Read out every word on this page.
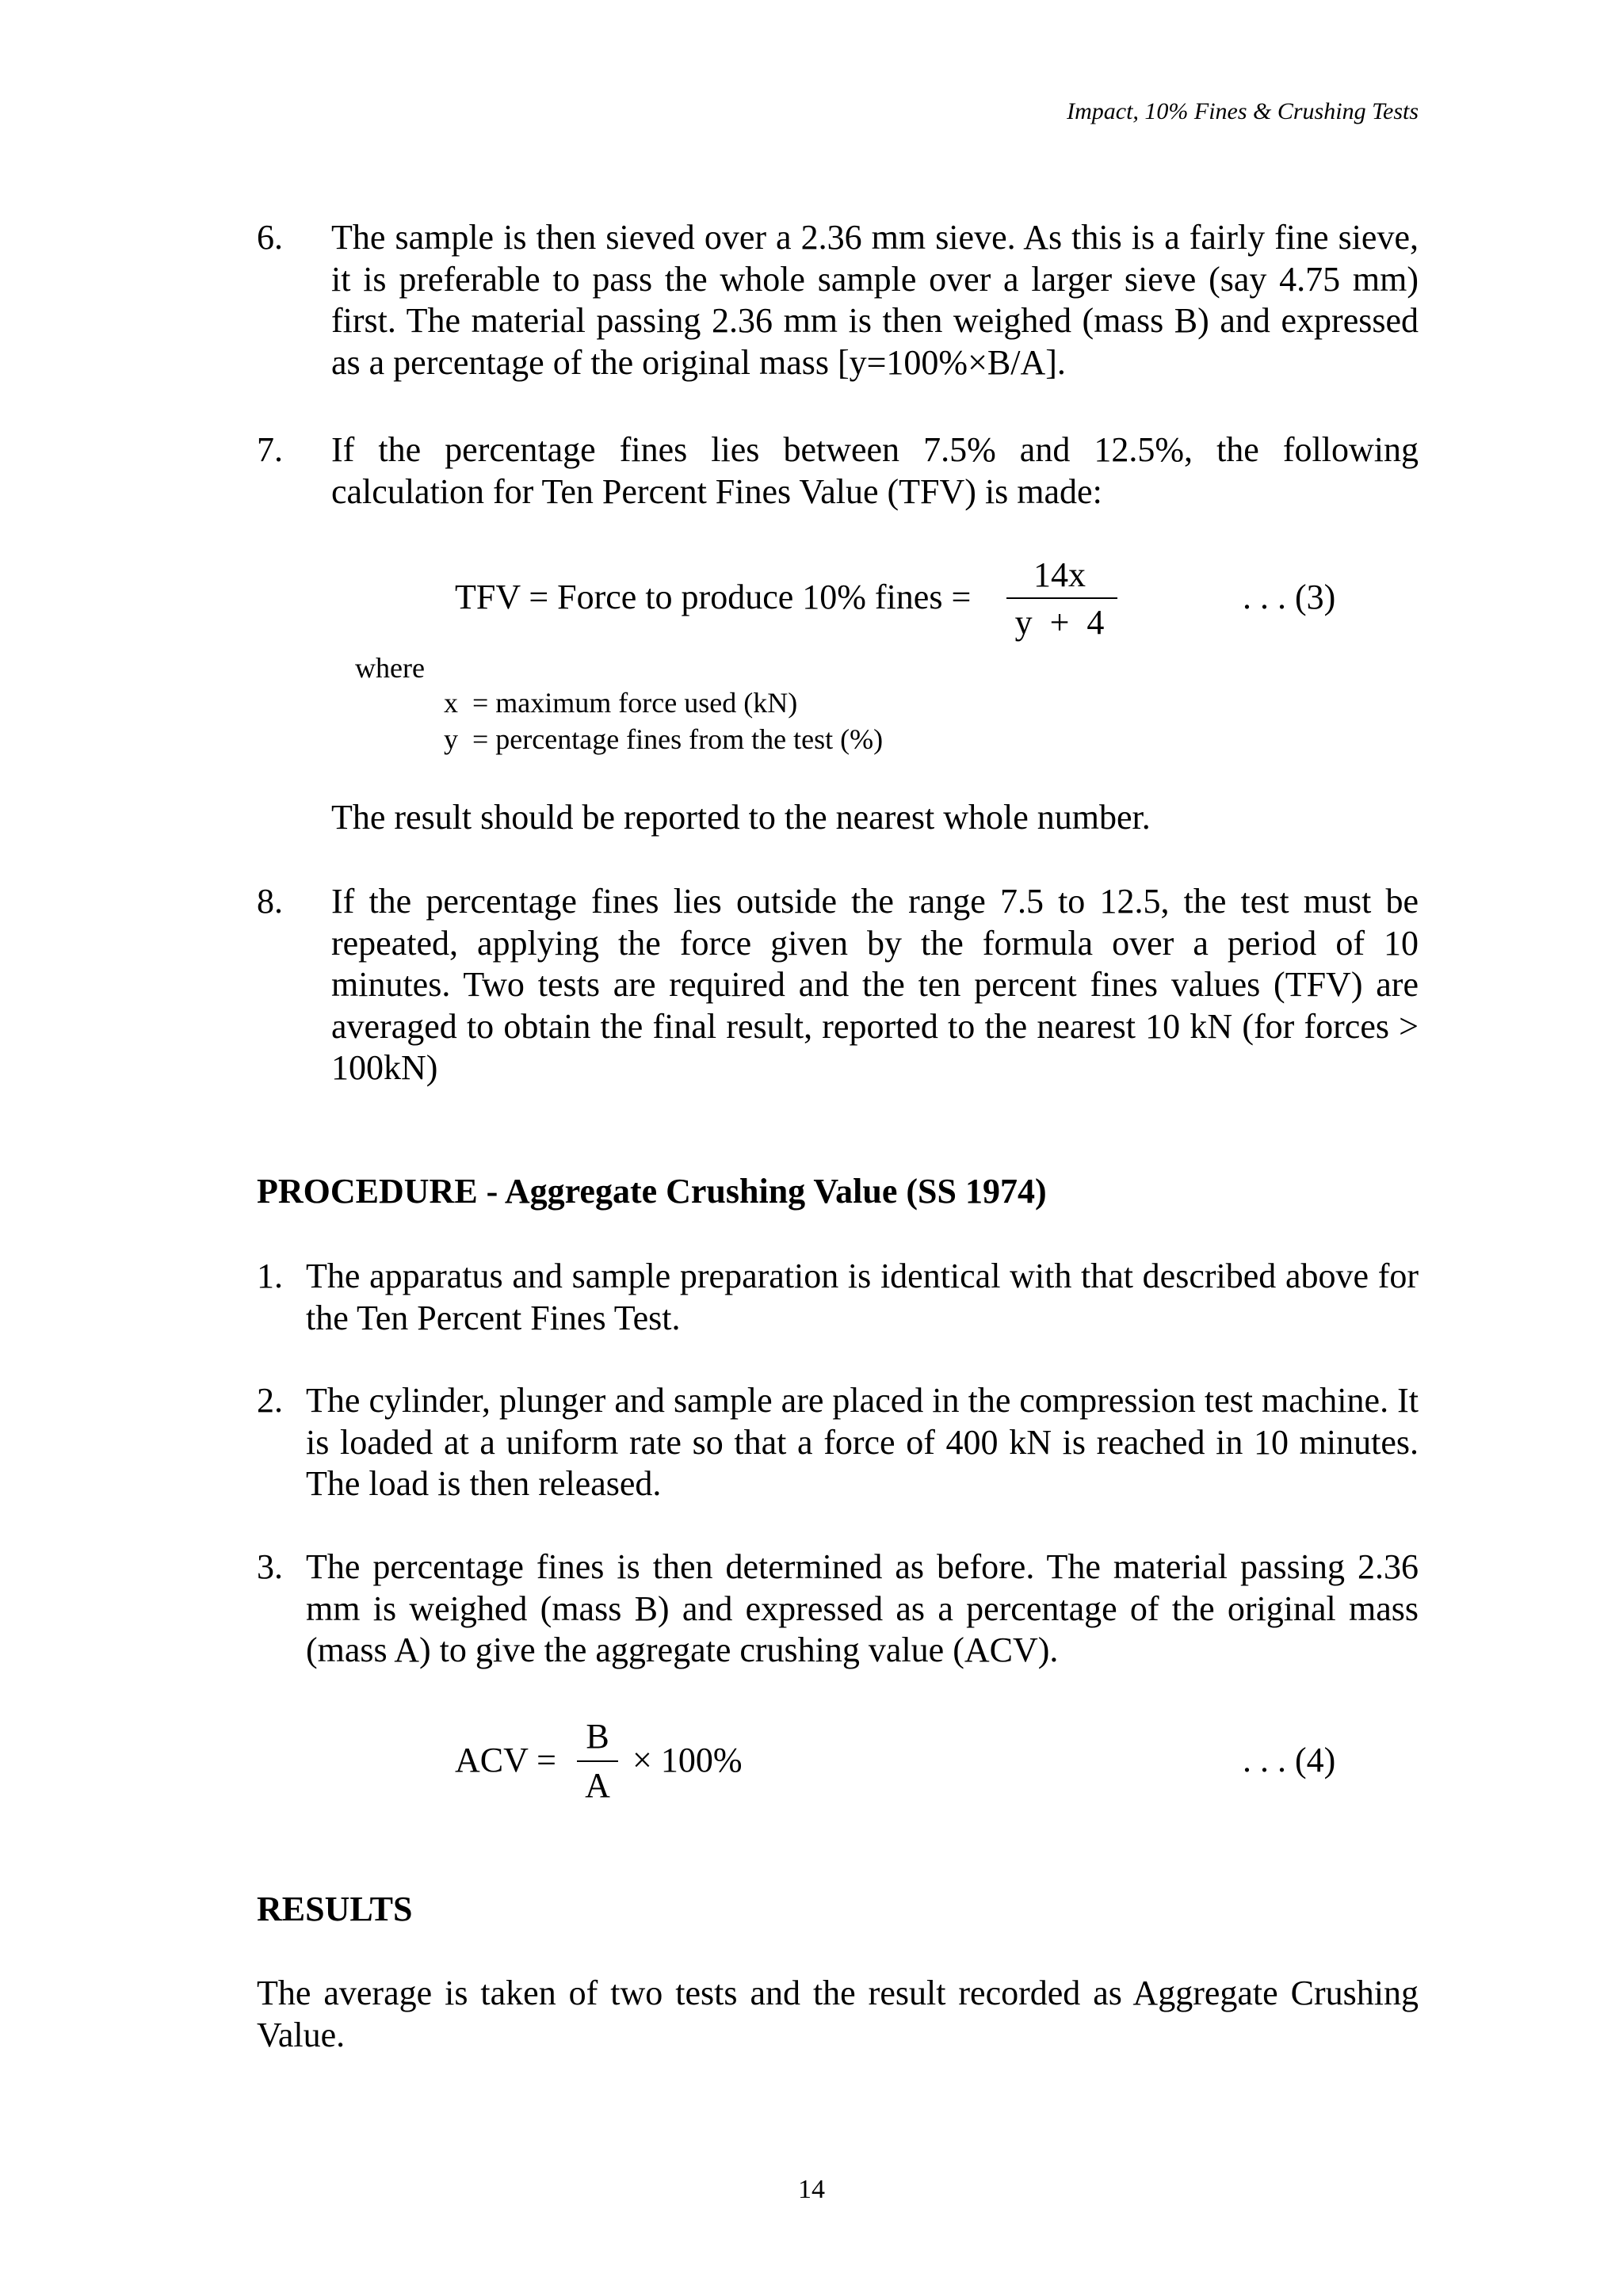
Impact, 10% Fines & Crushing Tests
6. The sample is then sieved over a 2.36 mm sieve. As this is a fairly fine sieve, it is preferable to pass the whole sample over a larger sieve (say 4.75 mm) first. The material passing 2.36 mm is then weighed (mass B) and expressed as a percentage of the original mass [y=100%×B/A].
7. If the percentage fines lies between 7.5% and 12.5%, the following calculation for Ten Percent Fines Value (TFV) is made:
TFV = Force to produce 10% fines =
14x
y  +  4
. . . (3)
where
x  = maximum force used (kN)
y  = percentage fines from the test (%)
The result should be reported to the nearest whole number.
8. If the percentage fines lies outside the range 7.5 to 12.5, the test must be repeated, applying the force given by the formula over a period of 10 minutes. Two tests are required and the ten percent fines values (TFV) are averaged to obtain the final result, reported to the nearest 10 kN (for forces > 100kN)
PROCEDURE - Aggregate Crushing Value (SS 1974)
1. The apparatus and sample preparation is identical with that described above for the Ten Percent Fines Test.
2. The cylinder, plunger and sample are placed in the compression test machine. It is loaded at a uniform rate so that a force of 400 kN is reached in 10 minutes. The load is then released.
3. The percentage fines is then determined as before. The material passing 2.36 mm is weighed (mass B) and expressed as a percentage of the original mass (mass A) to give the aggregate crushing value (ACV).
ACV =
B
A
× 100%	. . . (4)
RESULTS
The average is taken of two tests and the result recorded as Aggregate Crushing Value.
14
